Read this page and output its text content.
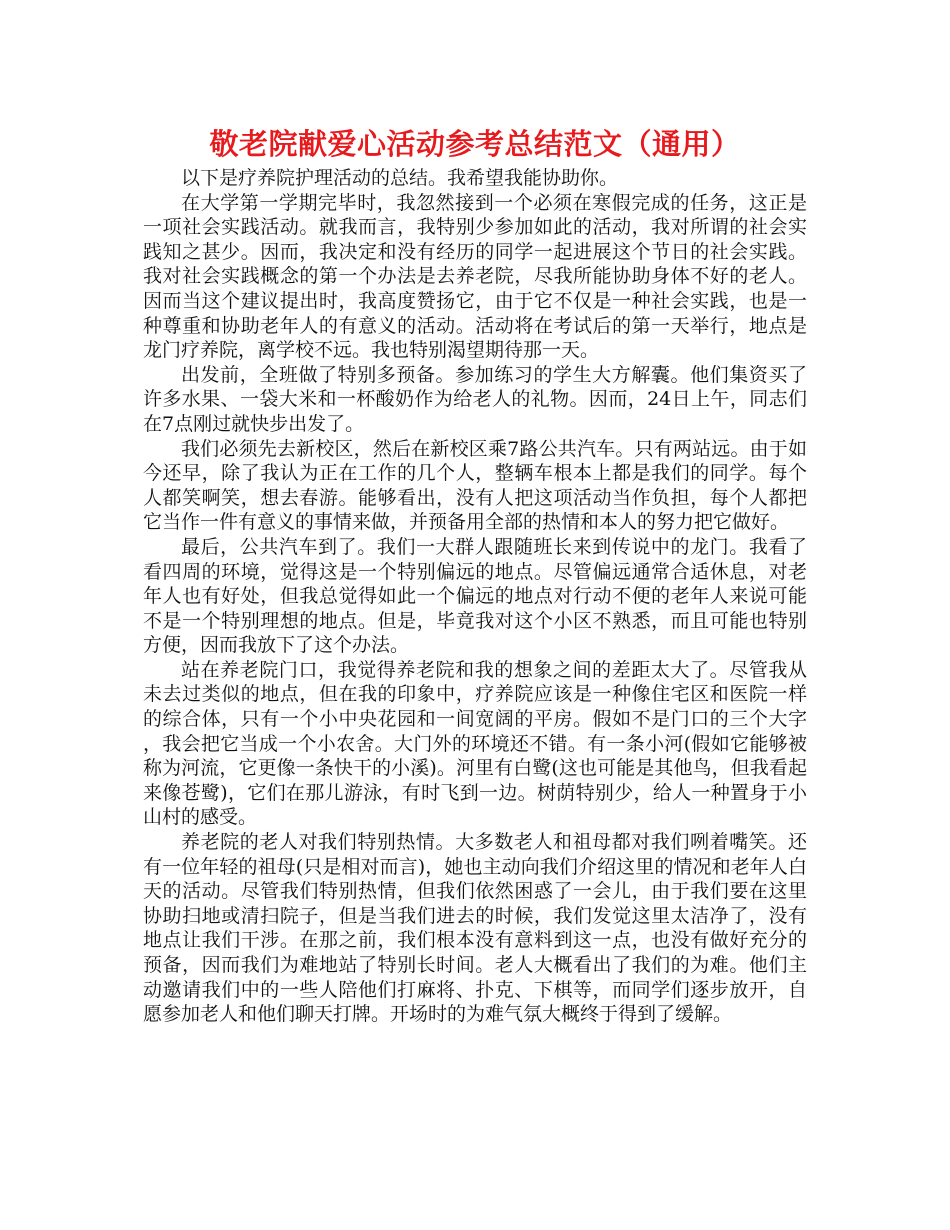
敬老院献爱心活动参考总结范文（通用）

以下是疗养院护理活动的总结。我希望我能协助你。

在大学第一学期完毕时，我忽然接到一个必须在寒假完成的任务，这正是一项社会实践活动。就我而言，我特别少参加如此的活动，我对所谓的社会实践知之甚少。因而，我决定和没有经历的同学一起进展这个节日的社会实践。我对社会实践概念的第一个办法是去养老院，尽我所能协助身体不好的老人。因而当这个建议提出时，我高度赞扬它，由于它不仅是一种社会实践，也是一种尊重和协助老年人的有意义的活动。活动将在考试后的第一天举行，地点是龙门疗养院，离学校不远。我也特别渴望期待那一天。

出发前，全班做了特别多预备。参加练习的学生大方解囊。他们集资买了许多水果、一袋大米和一杯酸奶作为给老人的礼物。因而，24日上午，同志们在7点刚过就快步出发了。

我们必须先去新校区，然后在新校区乘7路公共汽车。只有两站远。由于如今还早，除了我认为正在工作的几个人，整辆车根本上都是我们的同学。每个人都笑啊笑，想去春游。能够看出，没有人把这项活动当作负担，每个人都把它当作一件有意义的事情来做，并预备用全部的热情和本人的努力把它做好。

最后，公共汽车到了。我们一大群人跟随班长来到传说中的龙门。我看了看四周的环境，觉得这是一个特别偏远的地点。尽管偏远通常合适休息，对老年人也有好处，但我总觉得如此一个偏远的地点对行动不便的老年人来说可能不是一个特别理想的地点。但是，毕竟我对这个小区不熟悉，而且可能也特别方便，因而我放下了这个办法。

站在养老院门口，我觉得养老院和我的想象之间的差距太大了。尽管我从未去过类似的地点，但在我的印象中，疗养院应该是一种像住宅区和医院一样的综合体，只有一个小中央花园和一间宽阔的平房。假如不是门口的三个大字，我会把它当成一个小农舍。大门外的环境还不错。有一条小河(假如它能够被称为河流，它更像一条快干的小溪)。河里有白鹭(这也可能是其他鸟，但我看起来像苍鹭)，它们在那儿游泳，有时飞到一边。树荫特别少，给人一种置身于小山村的感受。

养老院的老人对我们特别热情。大多数老人和祖母都对我们咧着嘴笑。还有一位年轻的祖母(只是相对而言)，她也主动向我们介绍这里的情况和老年人白天的活动。尽管我们特别热情，但我们依然困惑了一会儿，由于我们要在这里协助扫地或清扫院子，但是当我们进去的时候，我们发觉这里太洁净了，没有地点让我们干涉。在那之前，我们根本没有意料到这一点，也没有做好充分的预备，因而我们为难地站了特别长时间。老人大概看出了我们的为难。他们主动邀请我们中的一些人陪他们打麻将、扑克、下棋等，而同学们逐步放开，自愿参加老人和他们聊天打牌。开场时的为难气氛大概终于得到了缓解。
